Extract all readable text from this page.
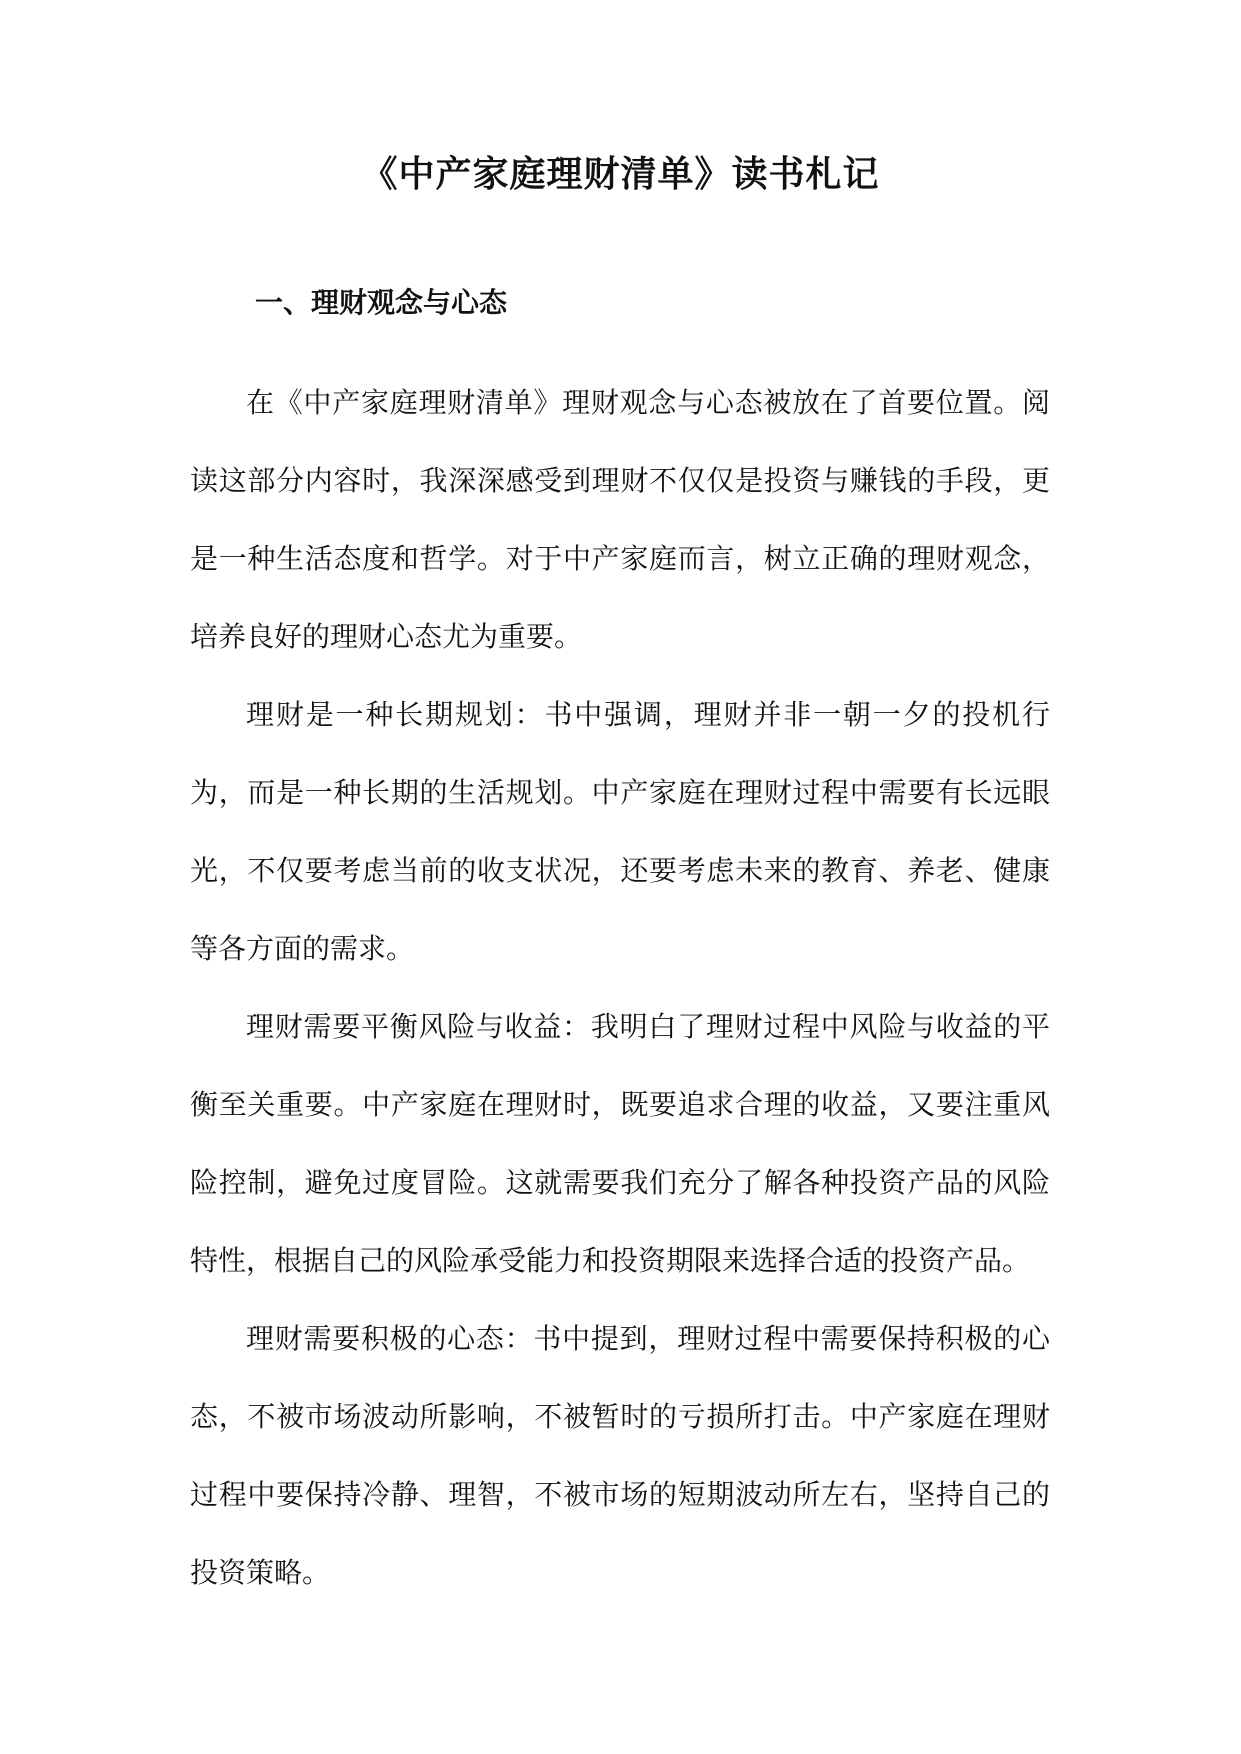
《中产家庭理财清单》读书札记
一、理财观念与心态

在《中产家庭理财清单》理财观念与心态被放在了首要位置。阅读这部分内容时，我深深感受到理财不仅仅是投资与赚钱的手段，更是一种生活态度和哲学。对于中产家庭而言，树立正确的理财观念，培养良好的理财心态尤为重要。

理财是一种长期规划：书中强调，理财并非一朝一夕的投机行为，而是一种长期的生活规划。中产家庭在理财过程中需要有长远眼光，不仅要考虑当前的收支状况，还要考虑未来的教育、养老、健康等各方面的需求。

理财需要平衡风险与收益：我明白了理财过程中风险与收益的平衡至关重要。中产家庭在理财时，既要追求合理的收益，又要注重风险控制，避免过度冒险。这就需要我们充分了解各种投资产品的风险特性，根据自己的风险承受能力和投资期限来选择合适的投资产品。

理财需要积极的心态：书中提到，理财过程中需要保持积极的心态，不被市场波动所影响，不被暂时的亏损所打击。中产家庭在理财过程中要保持冷静、理智，不被市场的短期波动所左右，坚持自己的投资策略。
